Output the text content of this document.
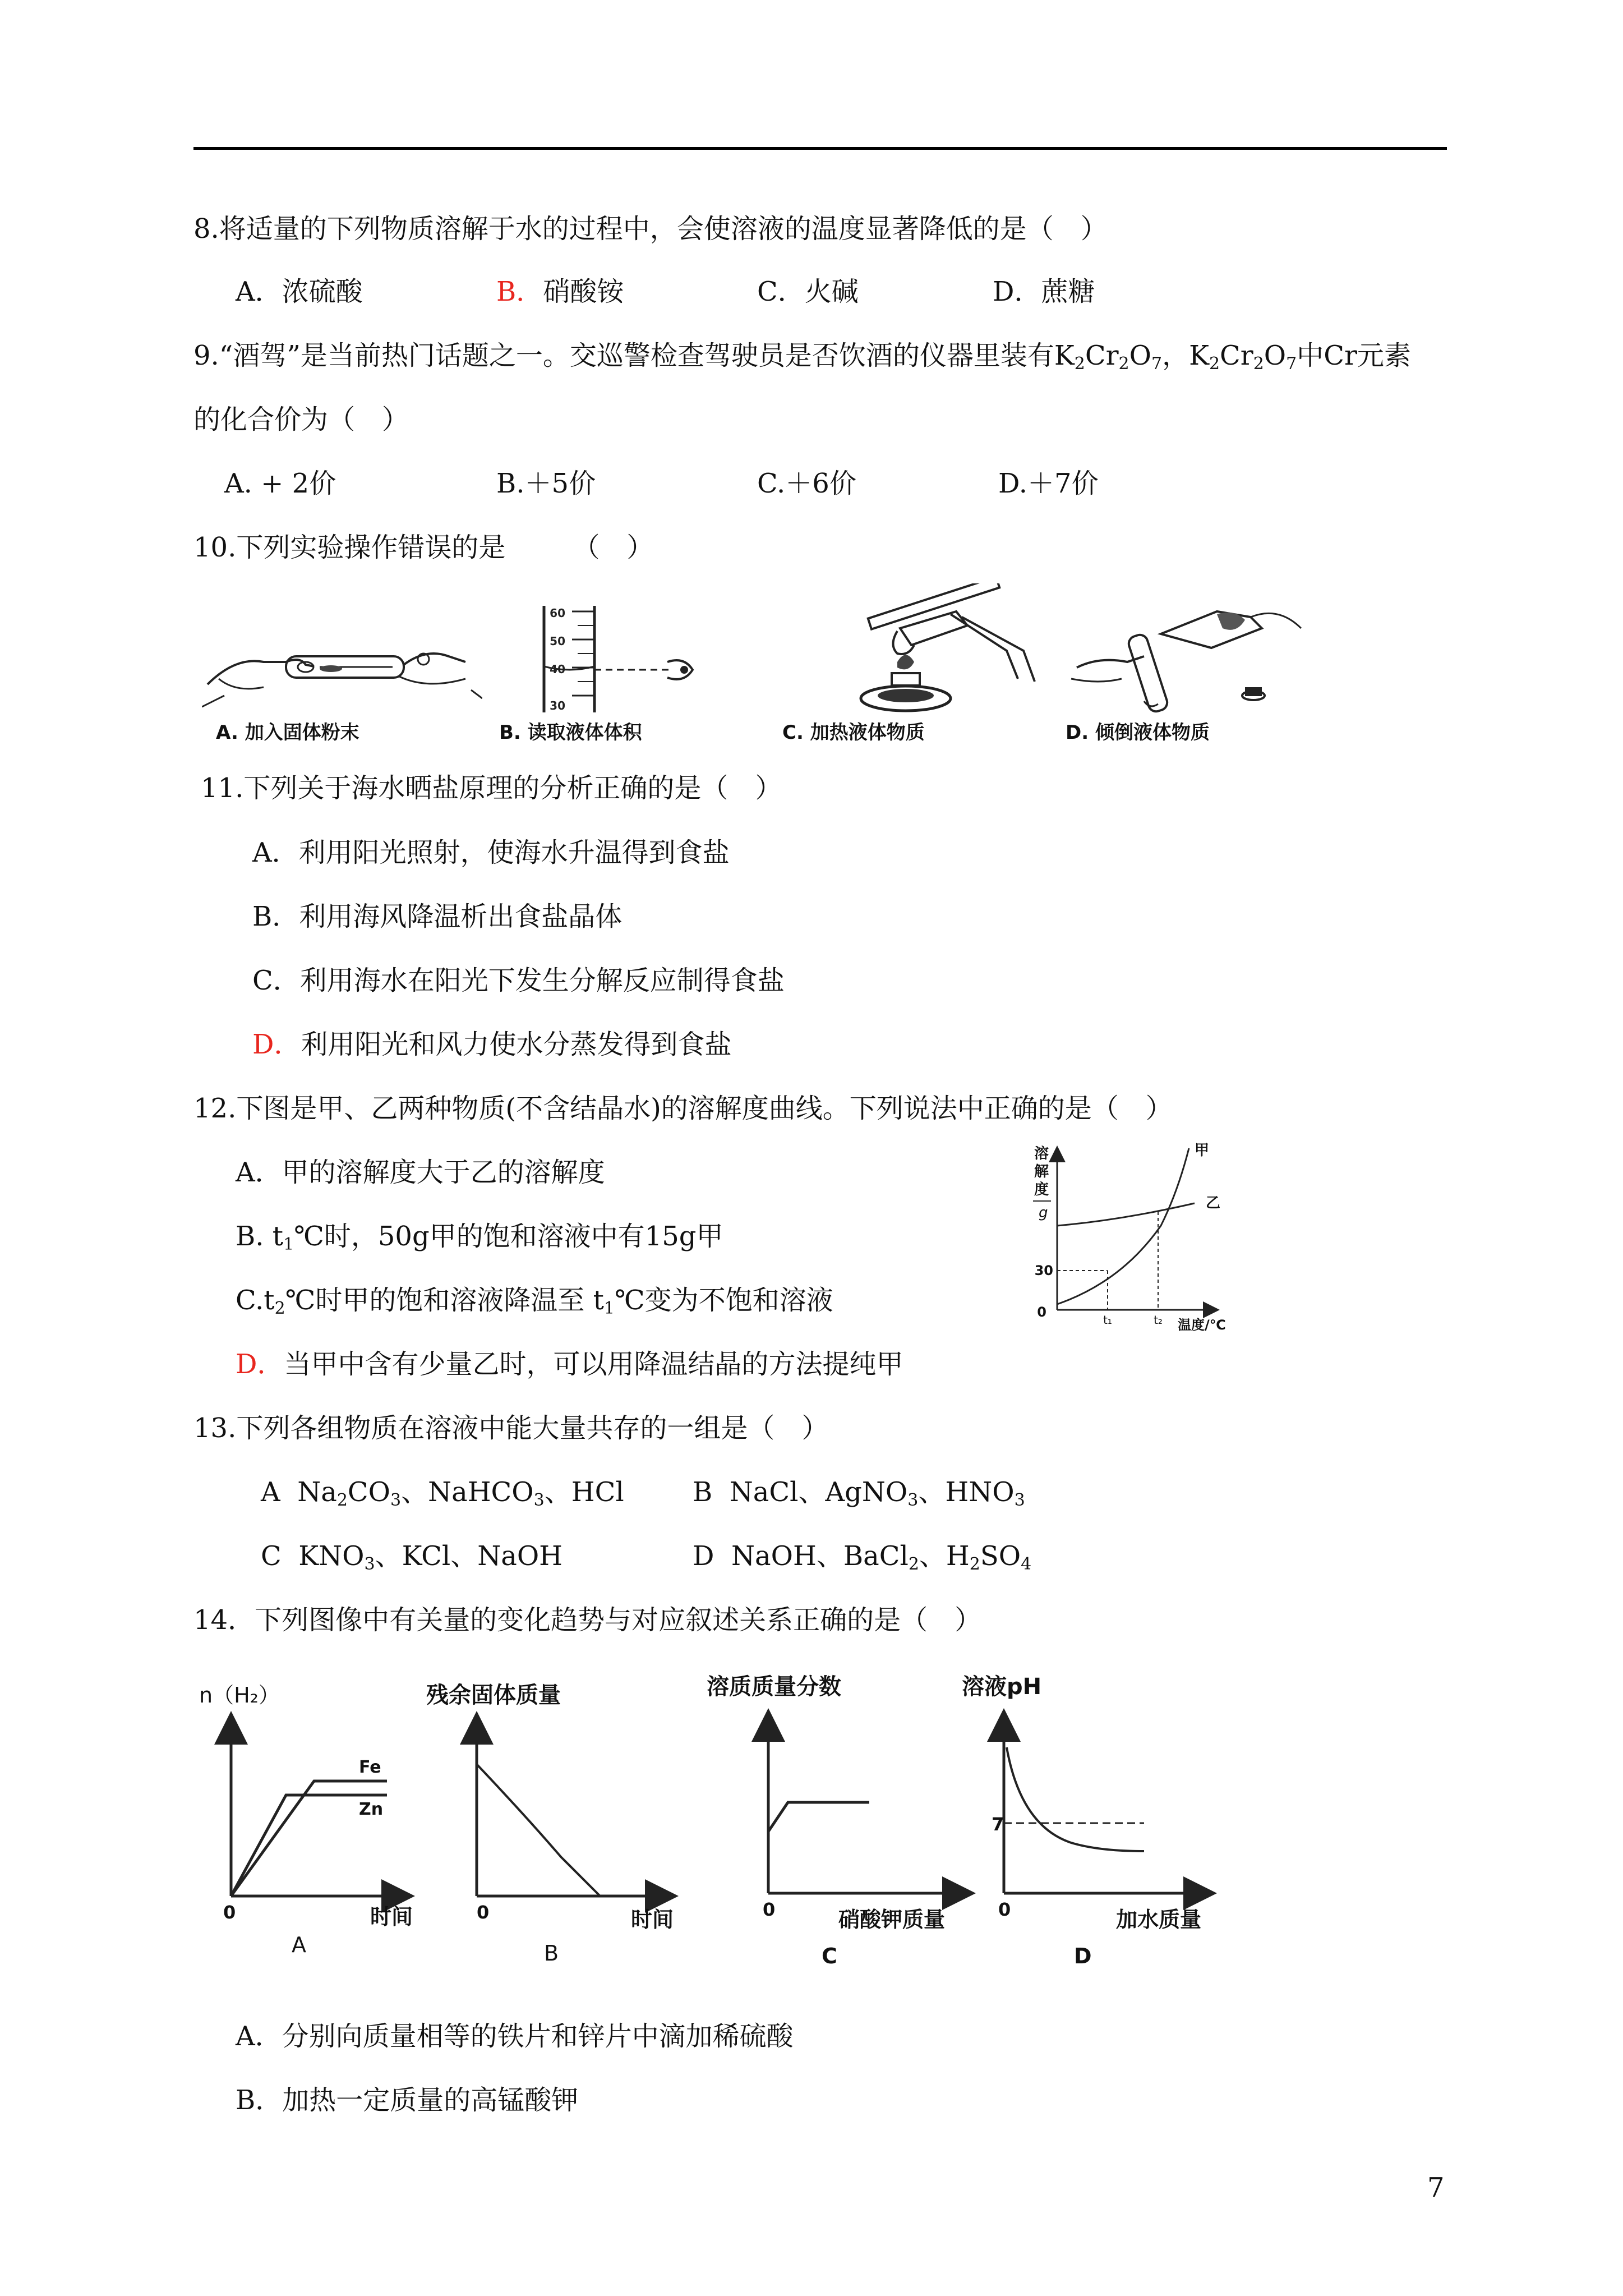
8.将适量的下列物质溶解于水的过程中，会使溶液的温度显著降低的是（　）
A．浓硫酸	B．硝酸铵	C．火碱	D．蔗糖
9.“酒驾”是当前热门话题之一。交巡警检查驾驶员是否饮酒的仪器里装有$K_2Cr_2O_7$，$K_2Cr_2O_7$中Cr元素
的化合价为（　）
A. + 2价	B.＋5价	C.＋6价	D.＋7价
10.下列实验操作错误的是	（　）
A. 加入固体粉末
60
50
40
30
B. 读取液体体积	C. 加热液体物质	D. 倾倒液体物质
11.下列关于海水晒盐原理的分析正确的是（　）
A．利用阳光照射，使海水升温得到食盐
B．利用海风降温析出食盐晶体
C．利用海水在阳光下发生分解反应制得食盐
D．利用阳光和风力使水分蒸发得到食盐
12.下图是甲、乙两种物质(不含结晶水)的溶解度曲线。下列说法中正确的是（　）
A．甲的溶解度大于乙的溶解度
B. $t_1℃$时，50g甲的饱和溶液中有15g甲
$C.t_2℃$时甲的饱和溶液降温至 $t_1℃$变为不饱和溶液
D．当甲中含有少量乙时，可以用降温结晶的方法提纯甲
溶
解
度
g
0
30
甲
乙
t₁	t₂ 温度/℃
13.下列各组物质在溶液中能大量共存的一组是（　）
A $Na_2CO_3$、NaHCO$_3$、HCl	B NaCl、AgNO$_3$、$HNO_3$
C $KNO_3$、KCl、NaOH	D NaOH、BaCl$_2$、$H_2SO_4$
14．下列图像中有关量的变化趋势与对应叙述关系正确的是（　）
n（H₂）
Fe
Zn
0	时间
A
残余固体质量
0	时间
B
溶质质量分数
0	硝酸钾质量
C
溶液pH
7
0	加水质量
D
A．分别向质量相等的铁片和锌片中滴加稀硫酸
B．加热一定质量的高锰酸钾
7
